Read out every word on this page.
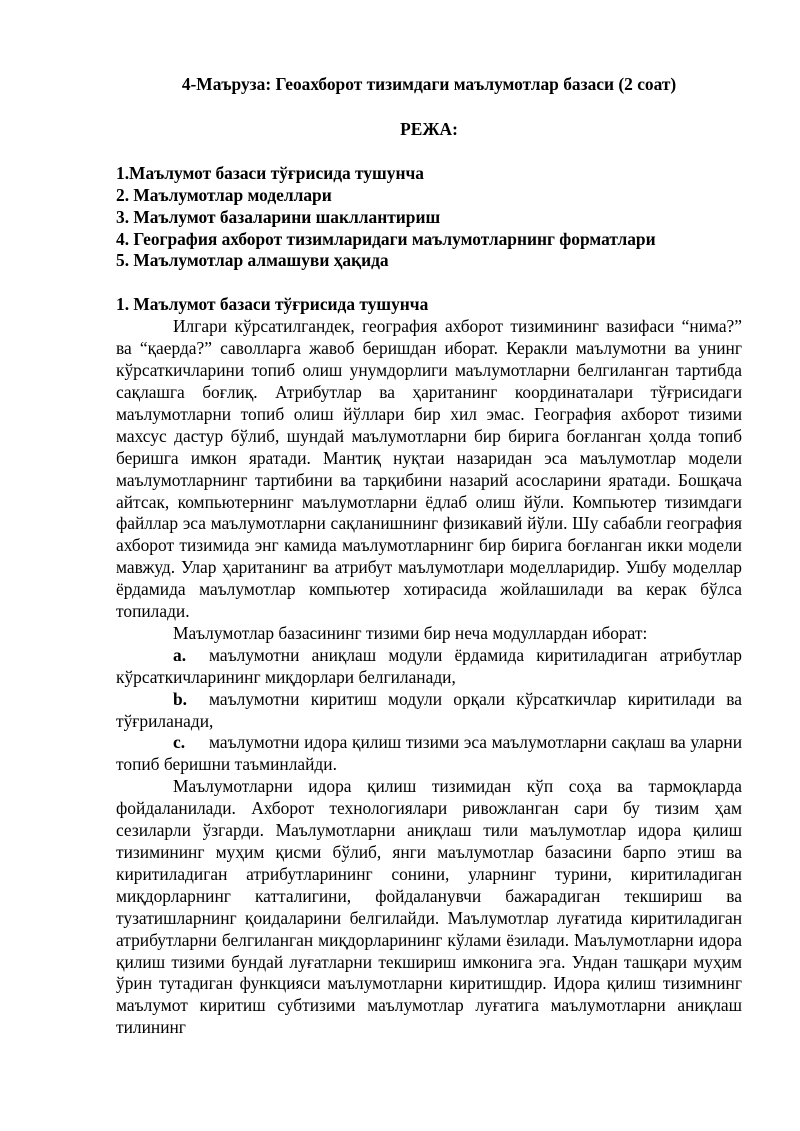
4-Маъруза: Геоахборот тизимдаги маълумотлар базаси (2 соат)
РЕЖА:
1.Маълумот базаси тўғрисида тушунча
2. Маълумотлар моделлари
3. Маълумот базаларини шакллантириш
4. География ахборот тизимларидаги маълумотларнинг форматлари
5. Маълумотлар алмашуви ҳақида
1. Маълумот базаси тўғрисида тушунча

Илгари кўрсатилгандек, география ахборот тизимининг вазифаси “нима?” ва “қаерда?” саволларга жавоб беришдан иборат. Керакли маълумотни ва унинг кўрсаткичларини топиб олиш унумдорлиги маълумотларни белгиланган тартибда сақлашга боғлиқ. Атрибутлар ва ҳаританинг координаталари тўғрисидаги маълумотларни топиб олиш йўллари бир хил эмас. География ахборот тизими махсус дастур бўлиб, шундай маълумотларни бир бирига боғланган ҳолда топиб беришга имкон яратади. Мантиқ нуқтаи назаридан эса маълумотлар модели маълумотларнинг тартибини ва тарқибини назарий асосларини яратади. Бошқача айтсак, компьютернинг маълумотларни ёдлаб олиш йўли. Компьютер тизимдаги файллар эса маълумотларни сақланишнинг физикавий йўли. Шу сабабли география ахборот тизимида энг камида маълумотларнинг бир бирига боғланган икки модели мавжуд. Улар ҳаританинг ва атрибут маълумотлари моделларидир. Ушбу моделлар ёрдамида маълумотлар компьютер хотирасида жойлашилади ва керак бўлса топилади.

Маълумотлар базасининг тизими бир неча модуллардан иборат:

a. маълумотни аниқлаш модули ёрдамида киритиладиган атрибутлар кўрсаткичларининг миқдорлари белгиланади,

b. маълумотни киритиш модули орқали кўрсаткичлар киритилади ва тўғриланади,

c. маълумотни идора қилиш тизими эса маълумотларни сақлаш ва уларни топиб беришни таъминлайди.

Маълумотларни идора қилиш тизимидан кўп соҳа ва тармоқларда фойдаланилади. Ахборот технологиялари ривожланган сари бу тизим ҳам сезиларли ўзгарди. Маълумотларни аниқлаш тили маълумотлар идора қилиш тизимининг муҳим қисми бўлиб, янги маълумотлар базасини барпо этиш ва киритиладиган атрибутларининг сонини, уларнинг турини, киритиладиган миқдорларнинг катталигини, фойдаланувчи бажарадиган текшириш ва тузатишларнинг қоидаларини белгилайди. Маълумотлар луғатида киритиладиган атрибутларни белгиланган миқдорларининг кўлами ёзилади. Маълумотларни идора қилиш тизими бундай луғатларни текшириш имконига эга. Ундан ташқари муҳим ўрин тутадиган функцияси маълумотларни киритишдир. Идора қилиш тизимнинг маълумот киритиш субтизими маълумотлар луғатига маълумотларни аниқлаш тилининг
